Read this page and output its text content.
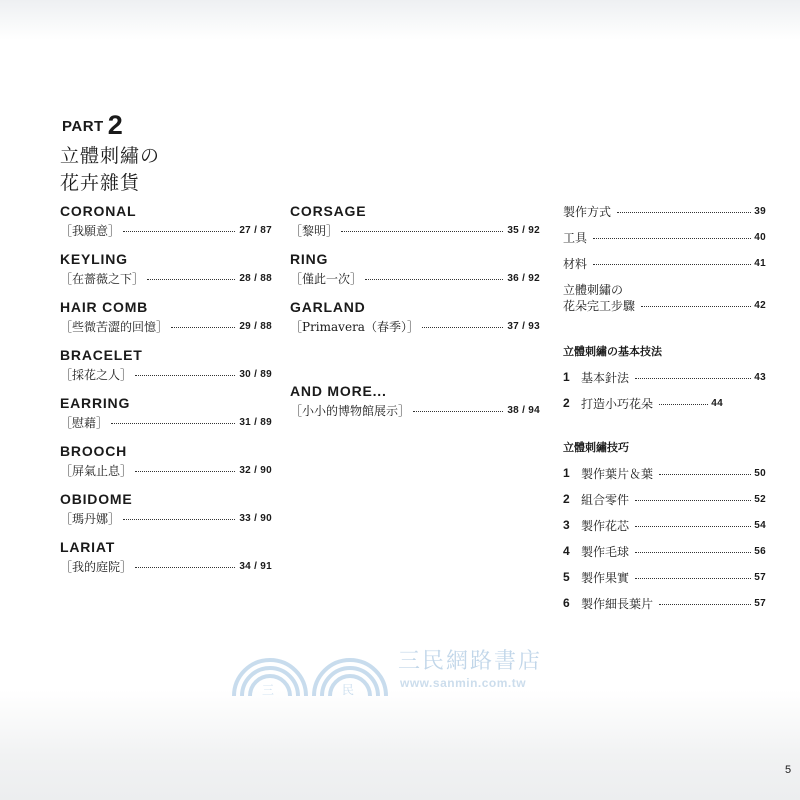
PART 2
立體刺繡の
花卉雜貨
CORONAL
［我願意］	27 / 87
KEYLING
［在薔薇之下］	28 / 88
HAIR COMB
［些微苦澀的回憶］	29 / 88
BRACELET
［採花之人］	30 / 89
EARRING
［慰藉］	31 / 89
BROOCH
［屏氣止息］	32 / 90
OBIDOME
［瑪丹娜］	33 / 90
LARIAT
［我的庭院］	34 / 91
CORSAGE
［黎明］	35 / 92
RING
［僅此一次］	36 / 92
GARLAND
［Primavera（春季）］	37 / 93
AND MORE...
［小小的博物館展示］	38 / 94
製作方式	39
工具	40
材料	41
立體刺繡の
花朵完工步驟	42
立體刺繡の基本技法
1 基本針法	43
2 打造小巧花朵	44
立體刺繡技巧
1 製作葉片＆葉	50
2 組合零件	52
3 製作花芯	54
4 製作毛球	56
5 製作果實	57
6 製作細長葉片	57
三	民
三民網路書店
www.sanmin.com.tw
5
